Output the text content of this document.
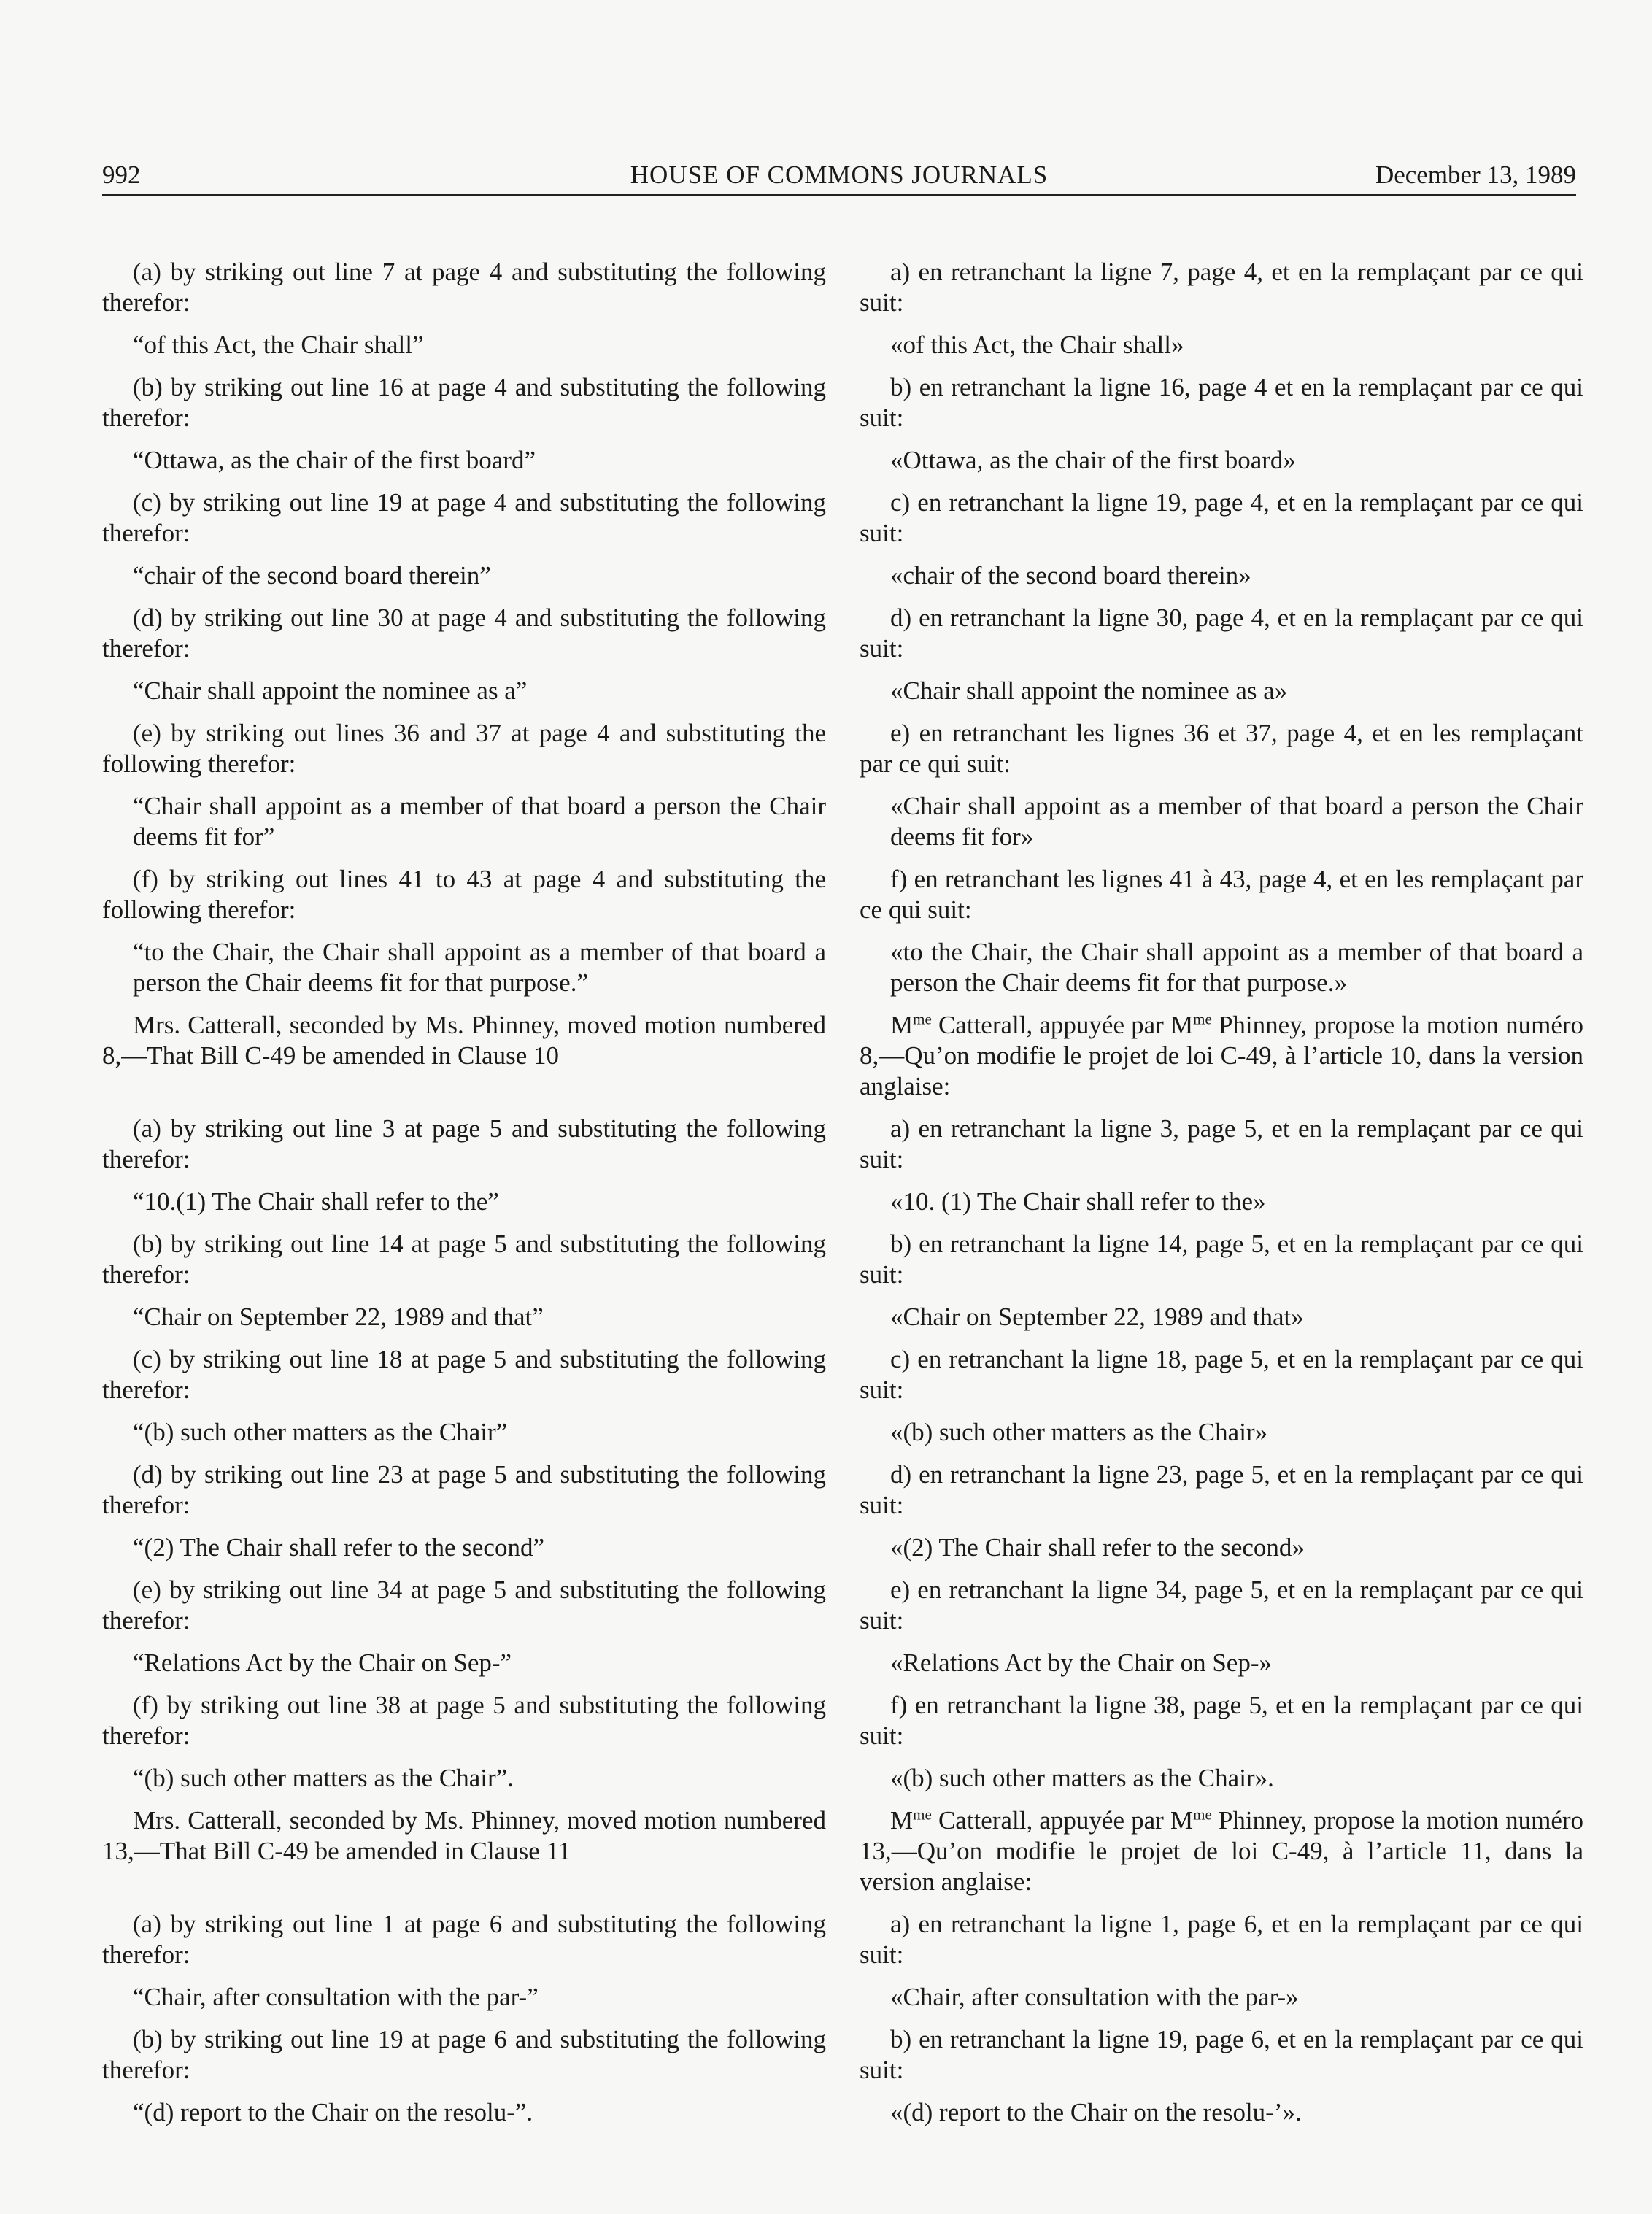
992	HOUSE OF COMMONS JOURNALS	December 13, 1989

(a) by striking out line 7 at page 4 and substituting the following therefor:

“of this Act, the Chair shall”

(b) by striking out line 16 at page 4 and substituting the following therefor:

“Ottawa, as the chair of the first board”

(c) by striking out line 19 at page 4 and substituting the following therefor:

“chair of the second board therein”

(d) by striking out line 30 at page 4 and substituting the following therefor:

“Chair shall appoint the nominee as a”

(e) by striking out lines 36 and 37 at page 4 and substituting the following therefor:

“Chair shall appoint as a member of that board a person the Chair deems fit for”

(f) by striking out lines 41 to 43 at page 4 and substituting the following therefor:

“to the Chair, the Chair shall appoint as a member of that board a person the Chair deems fit for that purpose.”

Mrs. Catterall, seconded by Ms. Phinney, moved motion numbered 8,—That Bill C-49 be amended in Clause 10

(a) by striking out line 3 at page 5 and substituting the following therefor:

“10.(1) The Chair shall refer to the”

(b) by striking out line 14 at page 5 and substituting the following therefor:

“Chair on September 22, 1989 and that”

(c) by striking out line 18 at page 5 and substituting the following therefor:

“(b) such other matters as the Chair”

(d) by striking out line 23 at page 5 and substituting the following therefor:

“(2) The Chair shall refer to the second”

(e) by striking out line 34 at page 5 and substituting the following therefor:

“Relations Act by the Chair on Sep-”

(f) by striking out line 38 at page 5 and substituting the following therefor:

“(b) such other matters as the Chair”.

Mrs. Catterall, seconded by Ms. Phinney, moved motion numbered 13,—That Bill C-49 be amended in Clause 11

(a) by striking out line 1 at page 6 and substituting the following therefor:

“Chair, after consultation with the par-”

(b) by striking out line 19 at page 6 and substituting the following therefor:

“(d) report to the Chair on the resolu-”.

a) en retranchant la ligne 7, page 4, et en la remplaçant par ce qui suit:

«of this Act, the Chair shall»

b) en retranchant la ligne 16, page 4 et en la remplaçant par ce qui suit:

«Ottawa, as the chair of the first board»

c) en retranchant la ligne 19, page 4, et en la remplaçant par ce qui suit:

«chair of the second board therein»

d) en retranchant la ligne 30, page 4, et en la remplaçant par ce qui suit:

«Chair shall appoint the nominee as a»

e) en retranchant les lignes 36 et 37, page 4, et en les remplaçant par ce qui suit:

«Chair shall appoint as a member of that board a person the Chair deems fit for»

f) en retranchant les lignes 41 à 43, page 4, et en les remplaçant par ce qui suit:

«to the Chair, the Chair shall appoint as a member of that board a person the Chair deems fit for that purpose.»

$M^{me}$ Catterall, appuyée par $M^{me}$ Phinney, propose la motion numéro 8,—Qu’on modifie le projet de loi C-49, à l’article 10, dans la version anglaise:

a) en retranchant la ligne 3, page 5, et en la remplaçant par ce qui suit:

«10. (1) The Chair shall refer to the»

b) en retranchant la ligne 14, page 5, et en la remplaçant par ce qui suit:

«Chair on September 22, 1989 and that»

c) en retranchant la ligne 18, page 5, et en la remplaçant par ce qui suit:

«(b) such other matters as the Chair»

d) en retranchant la ligne 23, page 5, et en la remplaçant par ce qui suit:

«(2) The Chair shall refer to the second»

e) en retranchant la ligne 34, page 5, et en la remplaçant par ce qui suit:

«Relations Act by the Chair on Sep-»

f) en retranchant la ligne 38, page 5, et en la remplaçant par ce qui suit:

«(b) such other matters as the Chair».

$M^{me}$ Catterall, appuyée par $M^{me}$ Phinney, propose la motion numéro 13,—Qu’on modifie le projet de loi C-49, à l’article 11, dans la version anglaise:

a) en retranchant la ligne 1, page 6, et en la remplaçant par ce qui suit:

«Chair, after consultation with the par-»

b) en retranchant la ligne 19, page 6, et en la remplaçant par ce qui suit:

«(d) report to the Chair on the resolu-’».
